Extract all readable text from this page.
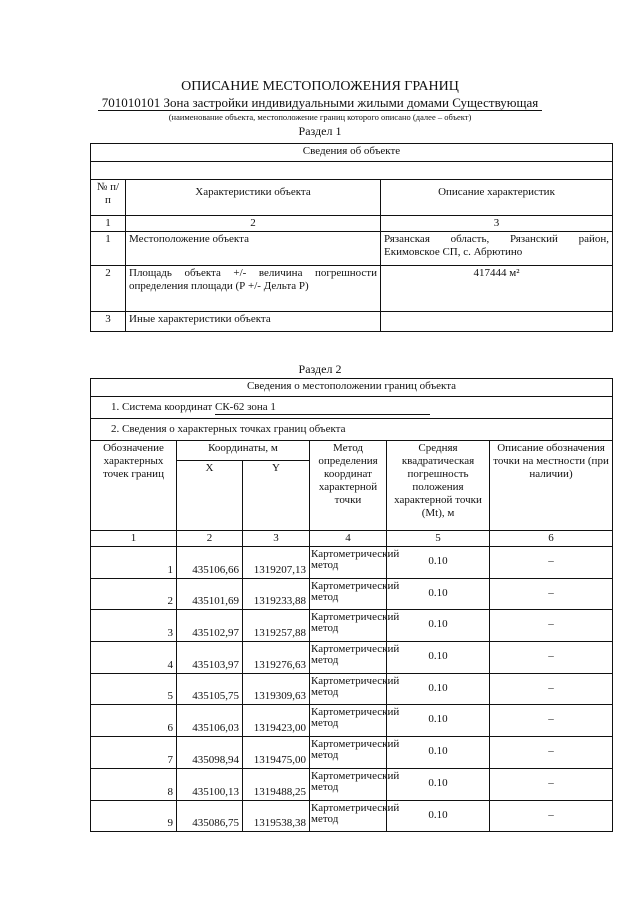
ОПИСАНИЕ МЕСТОПОЛОЖЕНИЯ ГРАНИЦ
701010101 Зона застройки индивидуальными жилыми домами Существующая
(наименование объекта, местоположение границ которого описано (далее – объект)
Раздел 1
Сведения об объекте		

№ п/п	Характеристики объекта	Описание характеристик
1	2	3
1	Местоположение объекта	Рязанская область, Рязанский район, Екимовское СП, с. Абрютино
2	Площадь объекта +/- величина погрешности определения площади (Р +/- Дельта Р)	417444 м²
3	Иные характеристики объекта	
Раздел 2
Сведения о местоположении границ объекта					
1. Система координат СК-62 зона 1					
2. Сведения о характерных точках границ объекта					
Обозначение характерных точек границ	Координаты, м		Метод определения координат характерной точки	Средняя квадратическая погрешность положения характерной точки (Mt), м	Описание обозначения точки на местности (при наличии)
	X	Y			
1	2	3	4	5	6
1	435106,66	1319207,13	Картометрический метод	0.10	–
2	435101,69	1319233,88	Картометрический метод	0.10	–
3	435102,97	1319257,88	Картометрический метод	0.10	–
4	435103,97	1319276,63	Картометрический метод	0.10	–
5	435105,75	1319309,63	Картометрический метод	0.10	–
6	435106,03	1319423,00	Картометрический метод	0.10	–
7	435098,94	1319475,00	Картометрический метод	0.10	–
8	435100,13	1319488,25	Картометрический метод	0.10	–
9	435086,75	1319538,38	Картометрический метод	0.10	–
